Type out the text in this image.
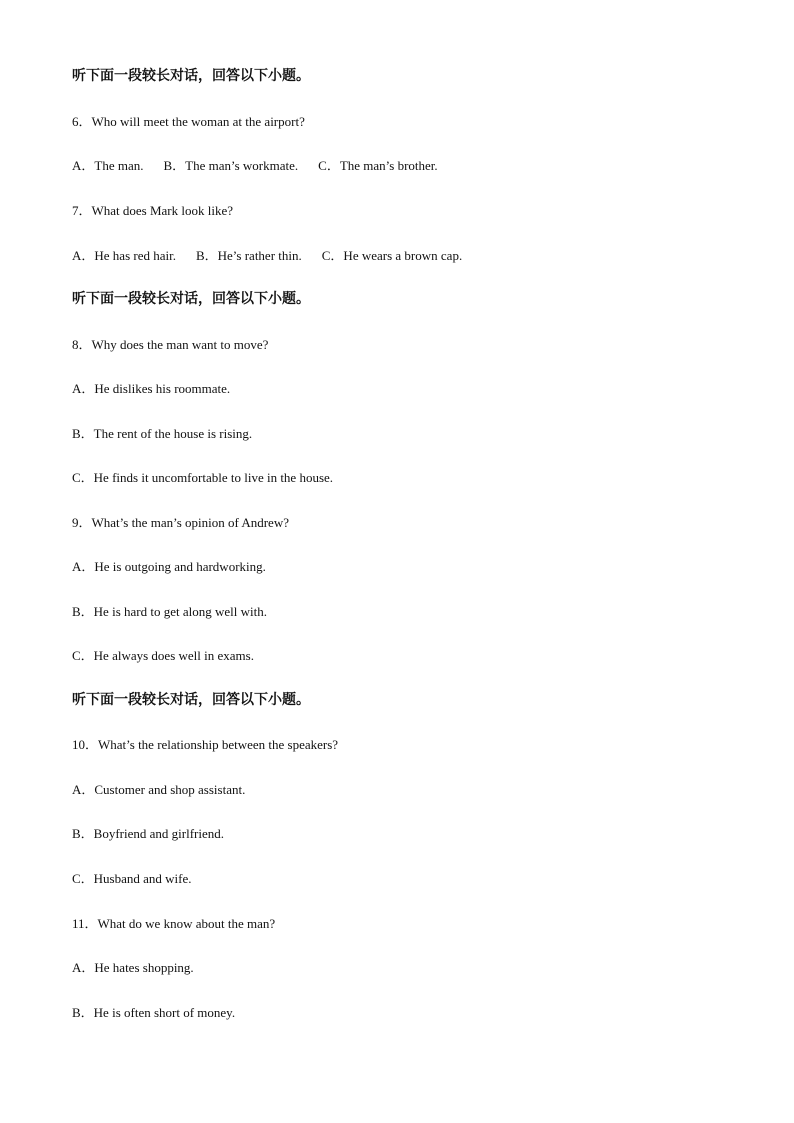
听下面一段较长对话，回答以下小题。
6．Who will meet the woman at the airport?
A．The man. B．The man’s workmate. C．The man’s brother.
7．What does Mark look like?
A．He has red hair. B．He’s rather thin. C．He wears a brown cap.
听下面一段较长对话，回答以下小题。
8．Why does the man want to move?
A．He dislikes his roommate.
B．The rent of the house is rising.
C．He finds it uncomfortable to live in the house.
9．What’s the man’s opinion of Andrew?
A．He is outgoing and hardworking.
B．He is hard to get along well with.
C．He always does well in exams.
听下面一段较长对话，回答以下小题。
10．What’s the relationship between the speakers?
A．Customer and shop assistant.
B．Boyfriend and girlfriend.
C．Husband and wife.
11．What do we know about the man?
A．He hates shopping.
B．He is often short of money.
